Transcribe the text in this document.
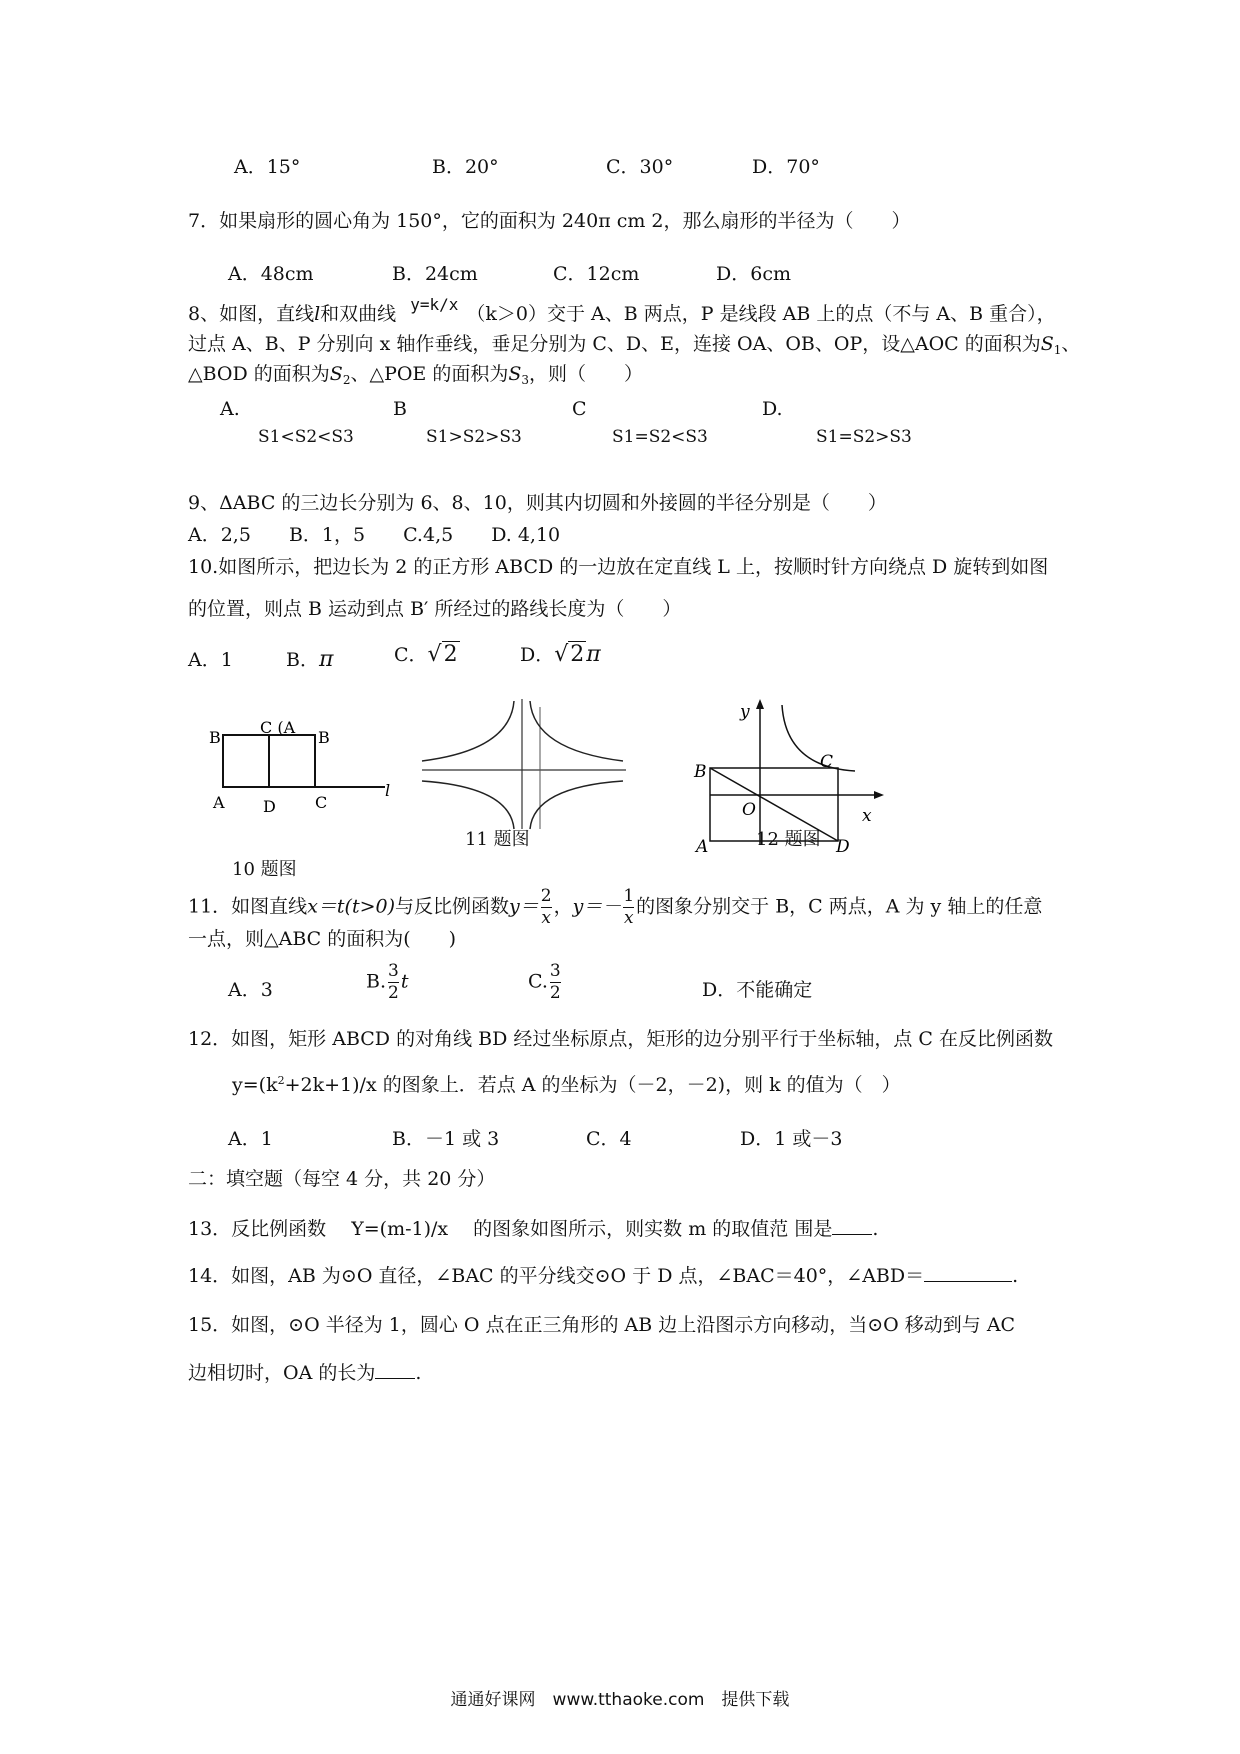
A．15°	B．20°	C．30°	D．70°
7．如果扇形的圆心角为 150°，它的面积为 240π cm 2，那么扇形的半径为（　　）
A．48cm	B．24cm	C．12cm	D．6cm
8、如图，直线l和双曲线 $^{y=k/x}$ （k＞0）交于 A、B 两点，P 是线段 AB 上的点（不与 A、B 重合），
过点 A、B、P 分别向 x 轴作垂线，垂足分别为 C、D、E，连接 OA、OB、OP，设△AOC 的面积为$S_1$、
△BOD 的面积为$S_2$、△POE 的面积为$S_3$，则（　　）
A.	B	C	D.
S1<S2<S3	S1>S2>S3	S1=S2<S3	S1=S2>S3
9、ΔABC 的三边长分别为 6、8、10，则其内切圆和外接圆的半径分别是（　　）
A．2,5　　B．1，5　　C.4,5　　D. 4,10
10.如图所示，把边长为 2 的正方形 ABCD 的一边放在定直线 L 上，按顺时针方向绕点 D 旋转到如图
的位置，则点 B 运动到点 B′ 所经过的路线长度为（　　）
A．1	B．π	C．√2	D．√2π
B
C (A
B
A D C
l
10 题图
11 题图
y
x
B	C
O
A	D
12 题图
11．如图直线x＝t(t>0)与反比例函数$y= \frac{2}{x}$ ，$y=- \frac{1}{x}$ 的图象分别交于 B，C 两点，A 为 y 轴上的任意
一点，则△ABC 的面积为(　　)
A．3	B. $\frac{3}{2}$ t	C. $\frac{3}{2}$	D．不能确定
12．如图，矩形 ABCD 的对角线 BD 经过坐标原点，矩形的边分别平行于坐标轴，点 C 在反比例函数
$y=(k^2+2k+1)/x$ 的图象上．若点 A 的坐标为（－2，－2)，则 k 的值为（　）
A．1	B．－1 或 3	C．4	D．1 或－3
二：填空题（每空 4 分，共 20 分）
13．反比例函数　 Y=(m-1)/x　 的图象如图所示，则实数 m 的取值范 围是 .
14．如图，AB 为⊙O 直径，∠BAC 的平分线交⊙O 于 D 点，∠BAC＝40°，∠ABD＝	.
15．如图，⊙O 半径为 1，圆心 O 点在正三角形的 AB 边上沿图示方向移动，当⊙O 移动到与 AC
边相切时，OA 的长为 .
通通好课网　www.tthaoke.com　提供下载
